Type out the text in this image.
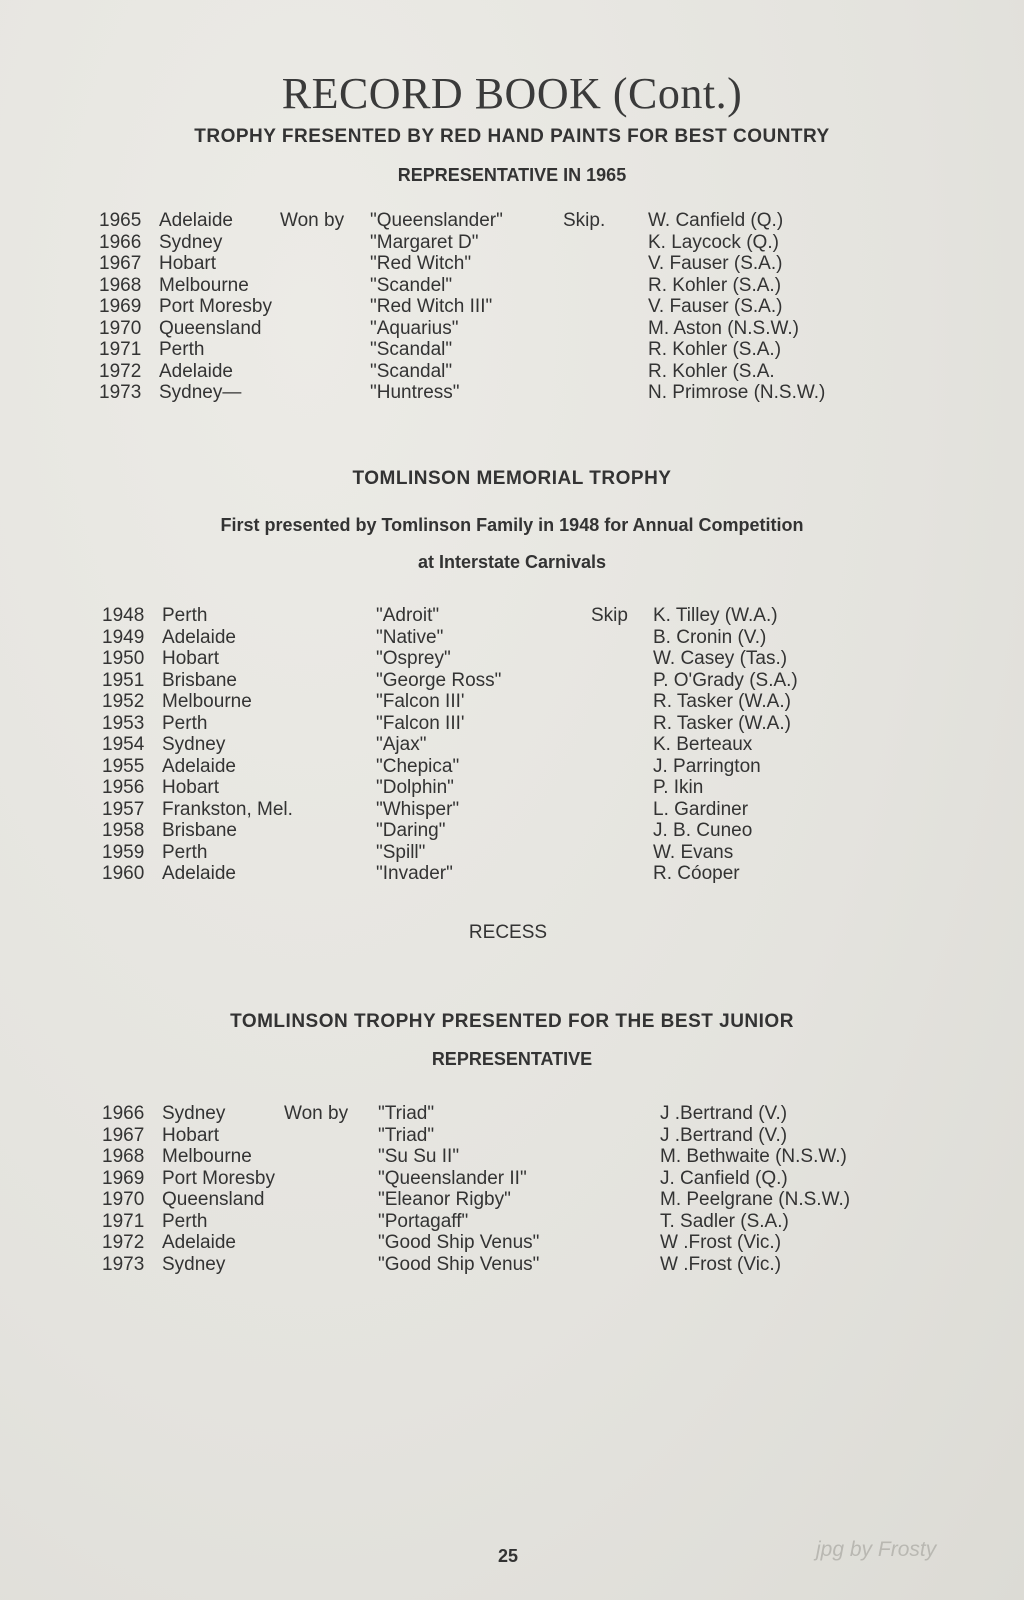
RECORD BOOK (Cont.)

TROPHY FRESENTED BY RED HAND PAINTS FOR BEST COUNTRY

REPRESENTATIVE IN 1965

1965 Adelaide Won by "Queenslander"	Skip. W. Canfield (Q.)
1966 Sydney	"Margaret D"	K. Laycock (Q.)
1967 Hobart	"Red Witch"	V. Fauser (S.A.)
1968 Melbourne	"Scandel"	R. Kohler (S.A.)
1969 Port Moresby	"Red Witch III"	V. Fauser (S.A.)
1970 Queensland	"Aquarius"	M. Aston (N.S.W.)
1971 Perth	"Scandal"	R. Kohler (S.A.)
1972 Adelaide	"Scandal"	R. Kohler (S.A.
1973 Sydney—	"Huntress"	N. Primrose (N.S.W.)

TOMLINSON MEMORIAL TROPHY

First presented by Tomlinson Family in 1948 for Annual Competition

at Interstate Carnivals

1948 Perth	"Adroit"	Skip K. Tilley (W.A.)
1949 Adelaide	"Native"	B. Cronin (V.)
1950 Hobart	"Osprey"	W. Casey (Tas.)
1951 Brisbane	"George Ross"	P. O'Grady (S.A.)
1952 Melbourne	"Falcon III'	R. Tasker (W.A.)
1953 Perth	"Falcon III'	R. Tasker (W.A.)
1954 Sydney	"Ajax"	K. Berteaux
1955 Adelaide	"Chepica"	J. Parrington
1956 Hobart	"Dolphin"	P. Ikin
1957 Frankston, Mel.	"Whisper"	L. Gardiner
1958 Brisbane	"Daring"	J. B. Cuneo
1959 Perth	"Spill"	W. Evans
1960 Adelaide	"Invader"	R. Cóoper

RECESS

TOMLINSON TROPHY PRESENTED FOR THE BEST JUNIOR

REPRESENTATIVE

1966 Sydney	Won by "Triad"	J .Bertrand (V.)
1967 Hobart	"Triad"	J .Bertrand (V.)
1968 Melbourne	"Su Su II"	M. Bethwaite (N.S.W.)
1969 Port Moresby	"Queenslander II"	J. Canfield (Q.)
1970 Queensland	"Eleanor Rigby"	M. Peelgrane (N.S.W.)
1971 Perth	"Portagaff"	T. Sadler (S.A.)
1972 Adelaide	"Good Ship Venus"	W .Frost (Vic.)
1973 Sydney	"Good Ship Venus"	W .Frost (Vic.)

25	jpg by Frosty
